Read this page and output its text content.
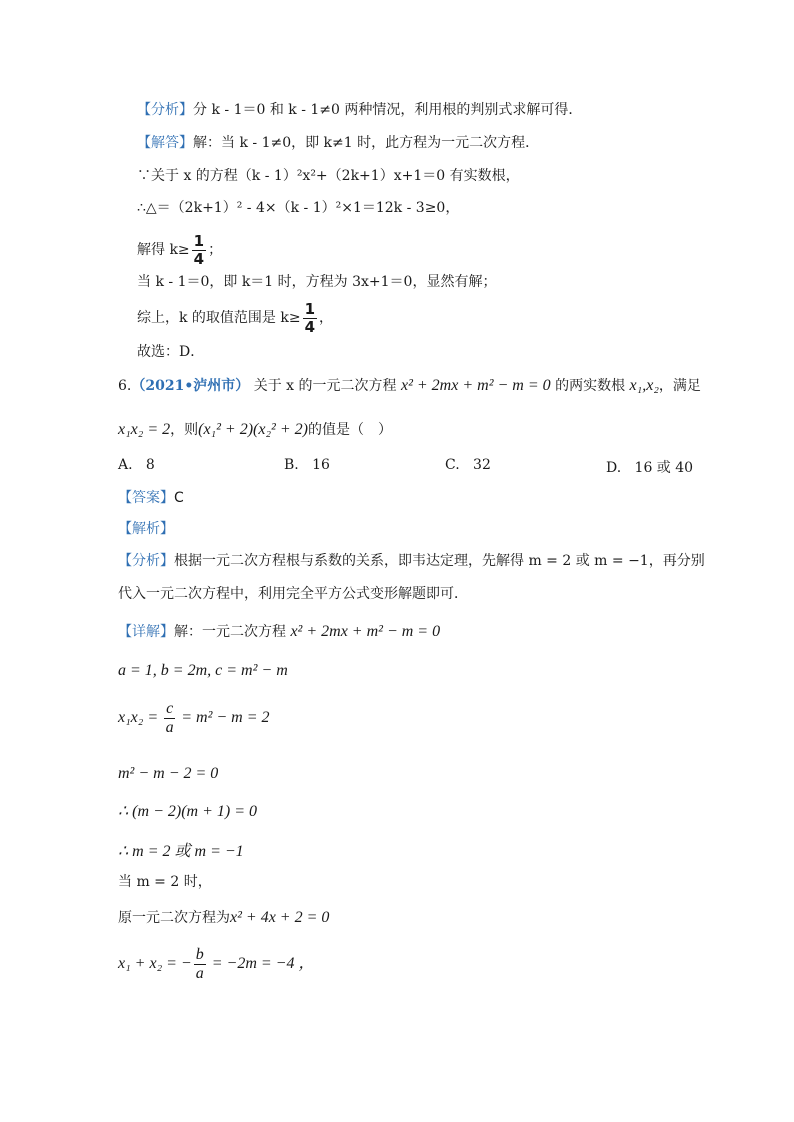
【分析】分 k - 1＝0 和 k - 1≠0 两种情况，利用根的判别式求解可得．
【解答】解：当 k - 1≠0，即 k≠1 时，此方程为一元二次方程．
∵关于 x 的方程（k - 1）²x²+（2k+1）x+1＝0 有实数根，
∴△＝（2k+1）² - 4×（k - 1）²×1＝12k - 3≥0，
解得 $k\ge \frac{1}{4}$ ；
当 k - 1＝0，即 k＝1 时，方程为 3x+1＝0，显然有解；
综上，k 的取值范围是 $k\ge \frac{1}{4}$ ，
故选：D．
6.（2021•泸州市） 关于 x 的一元二次方程 x² + 2mx + m² − m = 0 的两实数根 x₁,x₂，满足
x₁x₂ = 2，则(x₁² + 2)(x₂² + 2)的值是（　）
A. 8	B. 16	C. 32	D. 16 或 40
【答案】C
【解析】
【分析】根据一元二次方程根与系数的关系，即韦达定理，先解得 m = 2 或 m = −1，再分别
代入一元二次方程中，利用完全平方公式变形解题即可．
【详解】解：一元二次方程 x² + 2mx + m² − m = 0
a = 1, b = 2m, c = m² − m
$x_1x_2 = \frac{c}{a} = m^2 - m = 2$
m² − m − 2 = 0
∴ (m − 2)(m + 1) = 0
∴ m = 2 或 m = −1
当 m = 2 时，
原一元二次方程为x² + 4x + 2 = 0
x₁ + x₂ = − $\frac{b}{a} = -2m = -4$ ，
